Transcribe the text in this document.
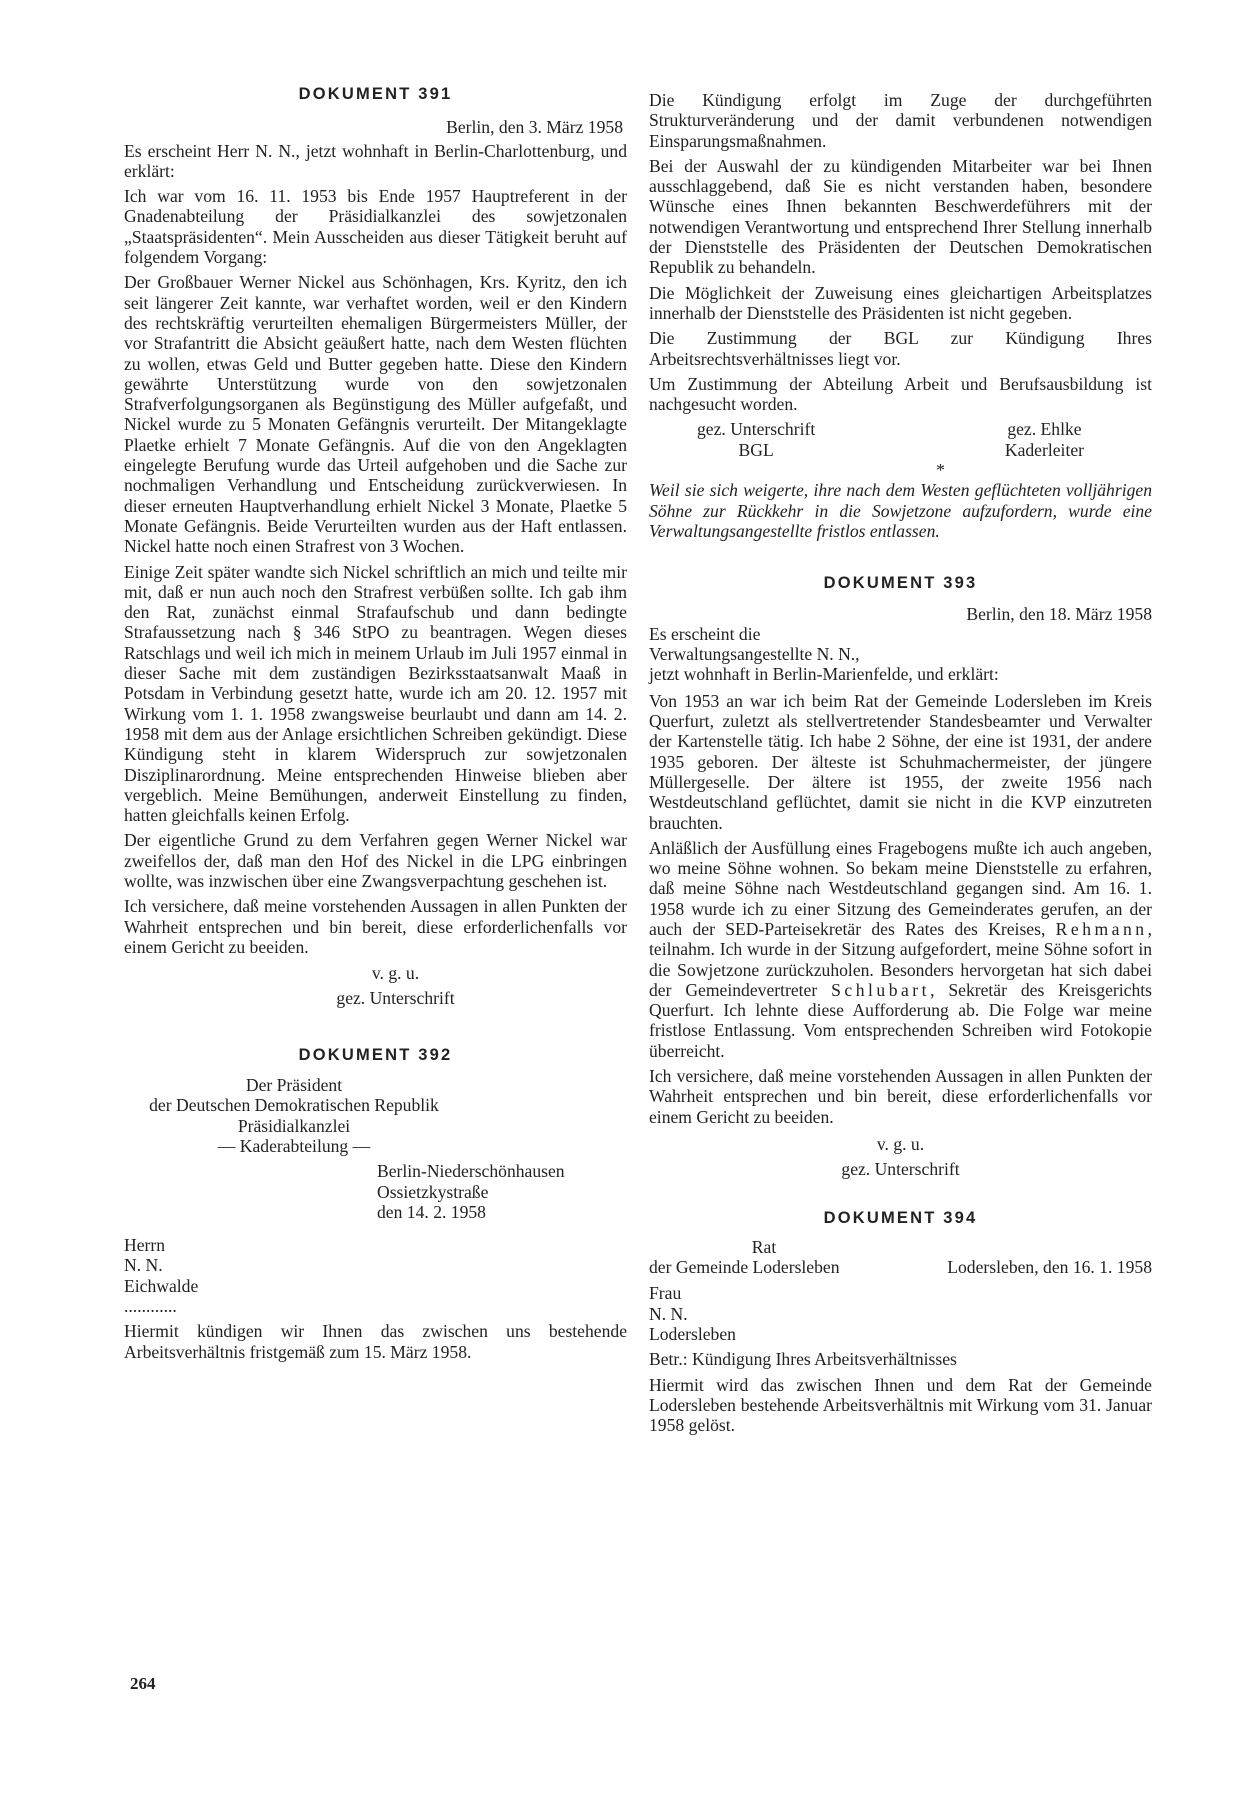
DOKUMENT 391

Berlin, den 3. März 1958

Es erscheint Herr N. N., jetzt wohnhaft in Berlin-Charlottenburg, und erklärt:

Ich war vom 16. 11. 1953 bis Ende 1957 Hauptreferent in der Gnadenabteilung der Präsidialkanzlei des sowjetzonalen „Staatspräsidenten“. Mein Ausscheiden aus dieser Tätigkeit beruht auf folgendem Vorgang:

Der Großbauer Werner Nickel aus Schönhagen, Krs. Kyritz, den ich seit längerer Zeit kannte, war verhaftet worden, weil er den Kindern des rechtskräftig verurteilten ehemaligen Bürgermeisters Müller, der vor Strafantritt die Absicht geäußert hatte, nach dem Westen flüchten zu wollen, etwas Geld und Butter gegeben hatte. Diese den Kindern gewährte Unterstützung wurde von den sowjetzonalen Strafverfolgungsorganen als Begünstigung des Müller aufgefaßt, und Nickel wurde zu 5 Monaten Gefängnis verurteilt. Der Mitangeklagte Plaetke erhielt 7 Monate Gefängnis. Auf die von den Angeklagten eingelegte Berufung wurde das Urteil aufgehoben und die Sache zur nochmaligen Verhandlung und Entscheidung zurückverwiesen. In dieser erneuten Hauptverhandlung erhielt Nickel 3 Monate, Plaetke 5 Monate Gefängnis. Beide Verurteilten wurden aus der Haft entlassen. Nickel hatte noch einen Strafrest von 3 Wochen.

Einige Zeit später wandte sich Nickel schriftlich an mich und teilte mir mit, daß er nun auch noch den Strafrest verbüßen sollte. Ich gab ihm den Rat, zunächst einmal Strafaufschub und dann bedingte Strafaussetzung nach § 346 StPO zu beantragen. Wegen dieses Ratschlags und weil ich mich in meinem Urlaub im Juli 1957 einmal in dieser Sache mit dem zuständigen Bezirksstaatsanwalt Maaß in Potsdam in Verbindung gesetzt hatte, wurde ich am 20. 12. 1957 mit Wirkung vom 1. 1. 1958 zwangsweise beurlaubt und dann am 14. 2. 1958 mit dem aus der Anlage ersichtlichen Schreiben gekündigt. Diese Kündigung steht in klarem Widerspruch zur sowjetzonalen Disziplinarordnung. Meine entsprechenden Hinweise blieben aber vergeblich. Meine Bemühungen, anderweit Einstellung zu finden, hatten gleichfalls keinen Erfolg.

Der eigentliche Grund zu dem Verfahren gegen Werner Nickel war zweifellos der, daß man den Hof des Nickel in die LPG einbringen wollte, was inzwischen über eine Zwangsverpachtung geschehen ist.

Ich versichere, daß meine vorstehenden Aussagen in allen Punkten der Wahrheit entsprechen und bin bereit, diese erforderlichenfalls vor einem Gericht zu beeiden.

v. g. u.

gez. Unterschrift

DOKUMENT 392

Der Präsident

der Deutschen Demokratischen Republik

Präsidialkanzlei

— Kaderabteilung —

Berlin-Niederschönhausen

Ossietzkystraße

den 14. 2. 1958

Herrn

N. N.

Eichwalde

............

Hiermit kündigen wir Ihnen das zwischen uns bestehende Arbeitsverhältnis fristgemäß zum 15. März 1958.

Die Kündigung erfolgt im Zuge der durchgeführten Strukturveränderung und der damit verbundenen notwendigen Einsparungsmaßnahmen.

Bei der Auswahl der zu kündigenden Mitarbeiter war bei Ihnen ausschlaggebend, daß Sie es nicht verstanden haben, besondere Wünsche eines Ihnen bekannten Beschwerdeführers mit der notwendigen Verantwortung und entsprechend Ihrer Stellung innerhalb der Dienststelle des Präsidenten der Deutschen Demokratischen Republik zu behandeln.

Die Möglichkeit der Zuweisung eines gleichartigen Arbeitsplatzes innerhalb der Dienststelle des Präsidenten ist nicht gegeben.

Die Zustimmung der BGL zur Kündigung Ihres Arbeitsrechtsverhältnisses liegt vor.

Um Zustimmung der Abteilung Arbeit und Berufsausbildung ist nachgesucht worden.

gez. Unterschrift
BGL
gez. Ehlke
Kaderleiter

*

Weil sie sich weigerte, ihre nach dem Westen geflüchteten volljährigen Söhne zur Rückkehr in die Sowjetzone aufzufordern, wurde eine Verwaltungsangestellte fristlos entlassen.

DOKUMENT 393

Berlin, den 18. März 1958

Es erscheint die

Verwaltungsangestellte N. N.,

jetzt wohnhaft in Berlin-Marienfelde, und erklärt:

Von 1953 an war ich beim Rat der Gemeinde Lodersleben im Kreis Querfurt, zuletzt als stellvertretender Standesbeamter und Verwalter der Kartenstelle tätig. Ich habe 2 Söhne, der eine ist 1931, der andere 1935 geboren. Der älteste ist Schuhmachermeister, der jüngere Müllergeselle. Der ältere ist 1955, der zweite 1956 nach Westdeutschland geflüchtet, damit sie nicht in die KVP einzutreten brauchten.

Anläßlich der Ausfüllung eines Fragebogens mußte ich auch angeben, wo meine Söhne wohnen. So bekam meine Dienststelle zu erfahren, daß meine Söhne nach Westdeutschland gegangen sind. Am 16. 1. 1958 wurde ich zu einer Sitzung des Gemeinderates gerufen, an der auch der SED-Parteisekretär des Rates des Kreises, Rehmann, teilnahm. Ich wurde in der Sitzung aufgefordert, meine Söhne sofort in die Sowjetzone zurückzuholen. Besonders hervorgetan hat sich dabei der Gemeindevertreter Schlubart, Sekretär des Kreisgerichts Querfurt. Ich lehnte diese Aufforderung ab. Die Folge war meine fristlose Entlassung. Vom entsprechenden Schreiben wird Fotokopie überreicht.

Ich versichere, daß meine vorstehenden Aussagen in allen Punkten der Wahrheit entsprechen und bin bereit, diese erforderlichenfalls vor einem Gericht zu beeiden.

v. g. u.

gez. Unterschrift

DOKUMENT 394

Rat

der Gemeinde Lodersleben	Lodersleben, den 16. 1. 1958

Frau

N. N.

Lodersleben

Betr.: Kündigung Ihres Arbeitsverhältnisses

Hiermit wird das zwischen Ihnen und dem Rat der Gemeinde Lodersleben bestehende Arbeitsverhältnis mit Wirkung vom 31. Januar 1958 gelöst.

264
